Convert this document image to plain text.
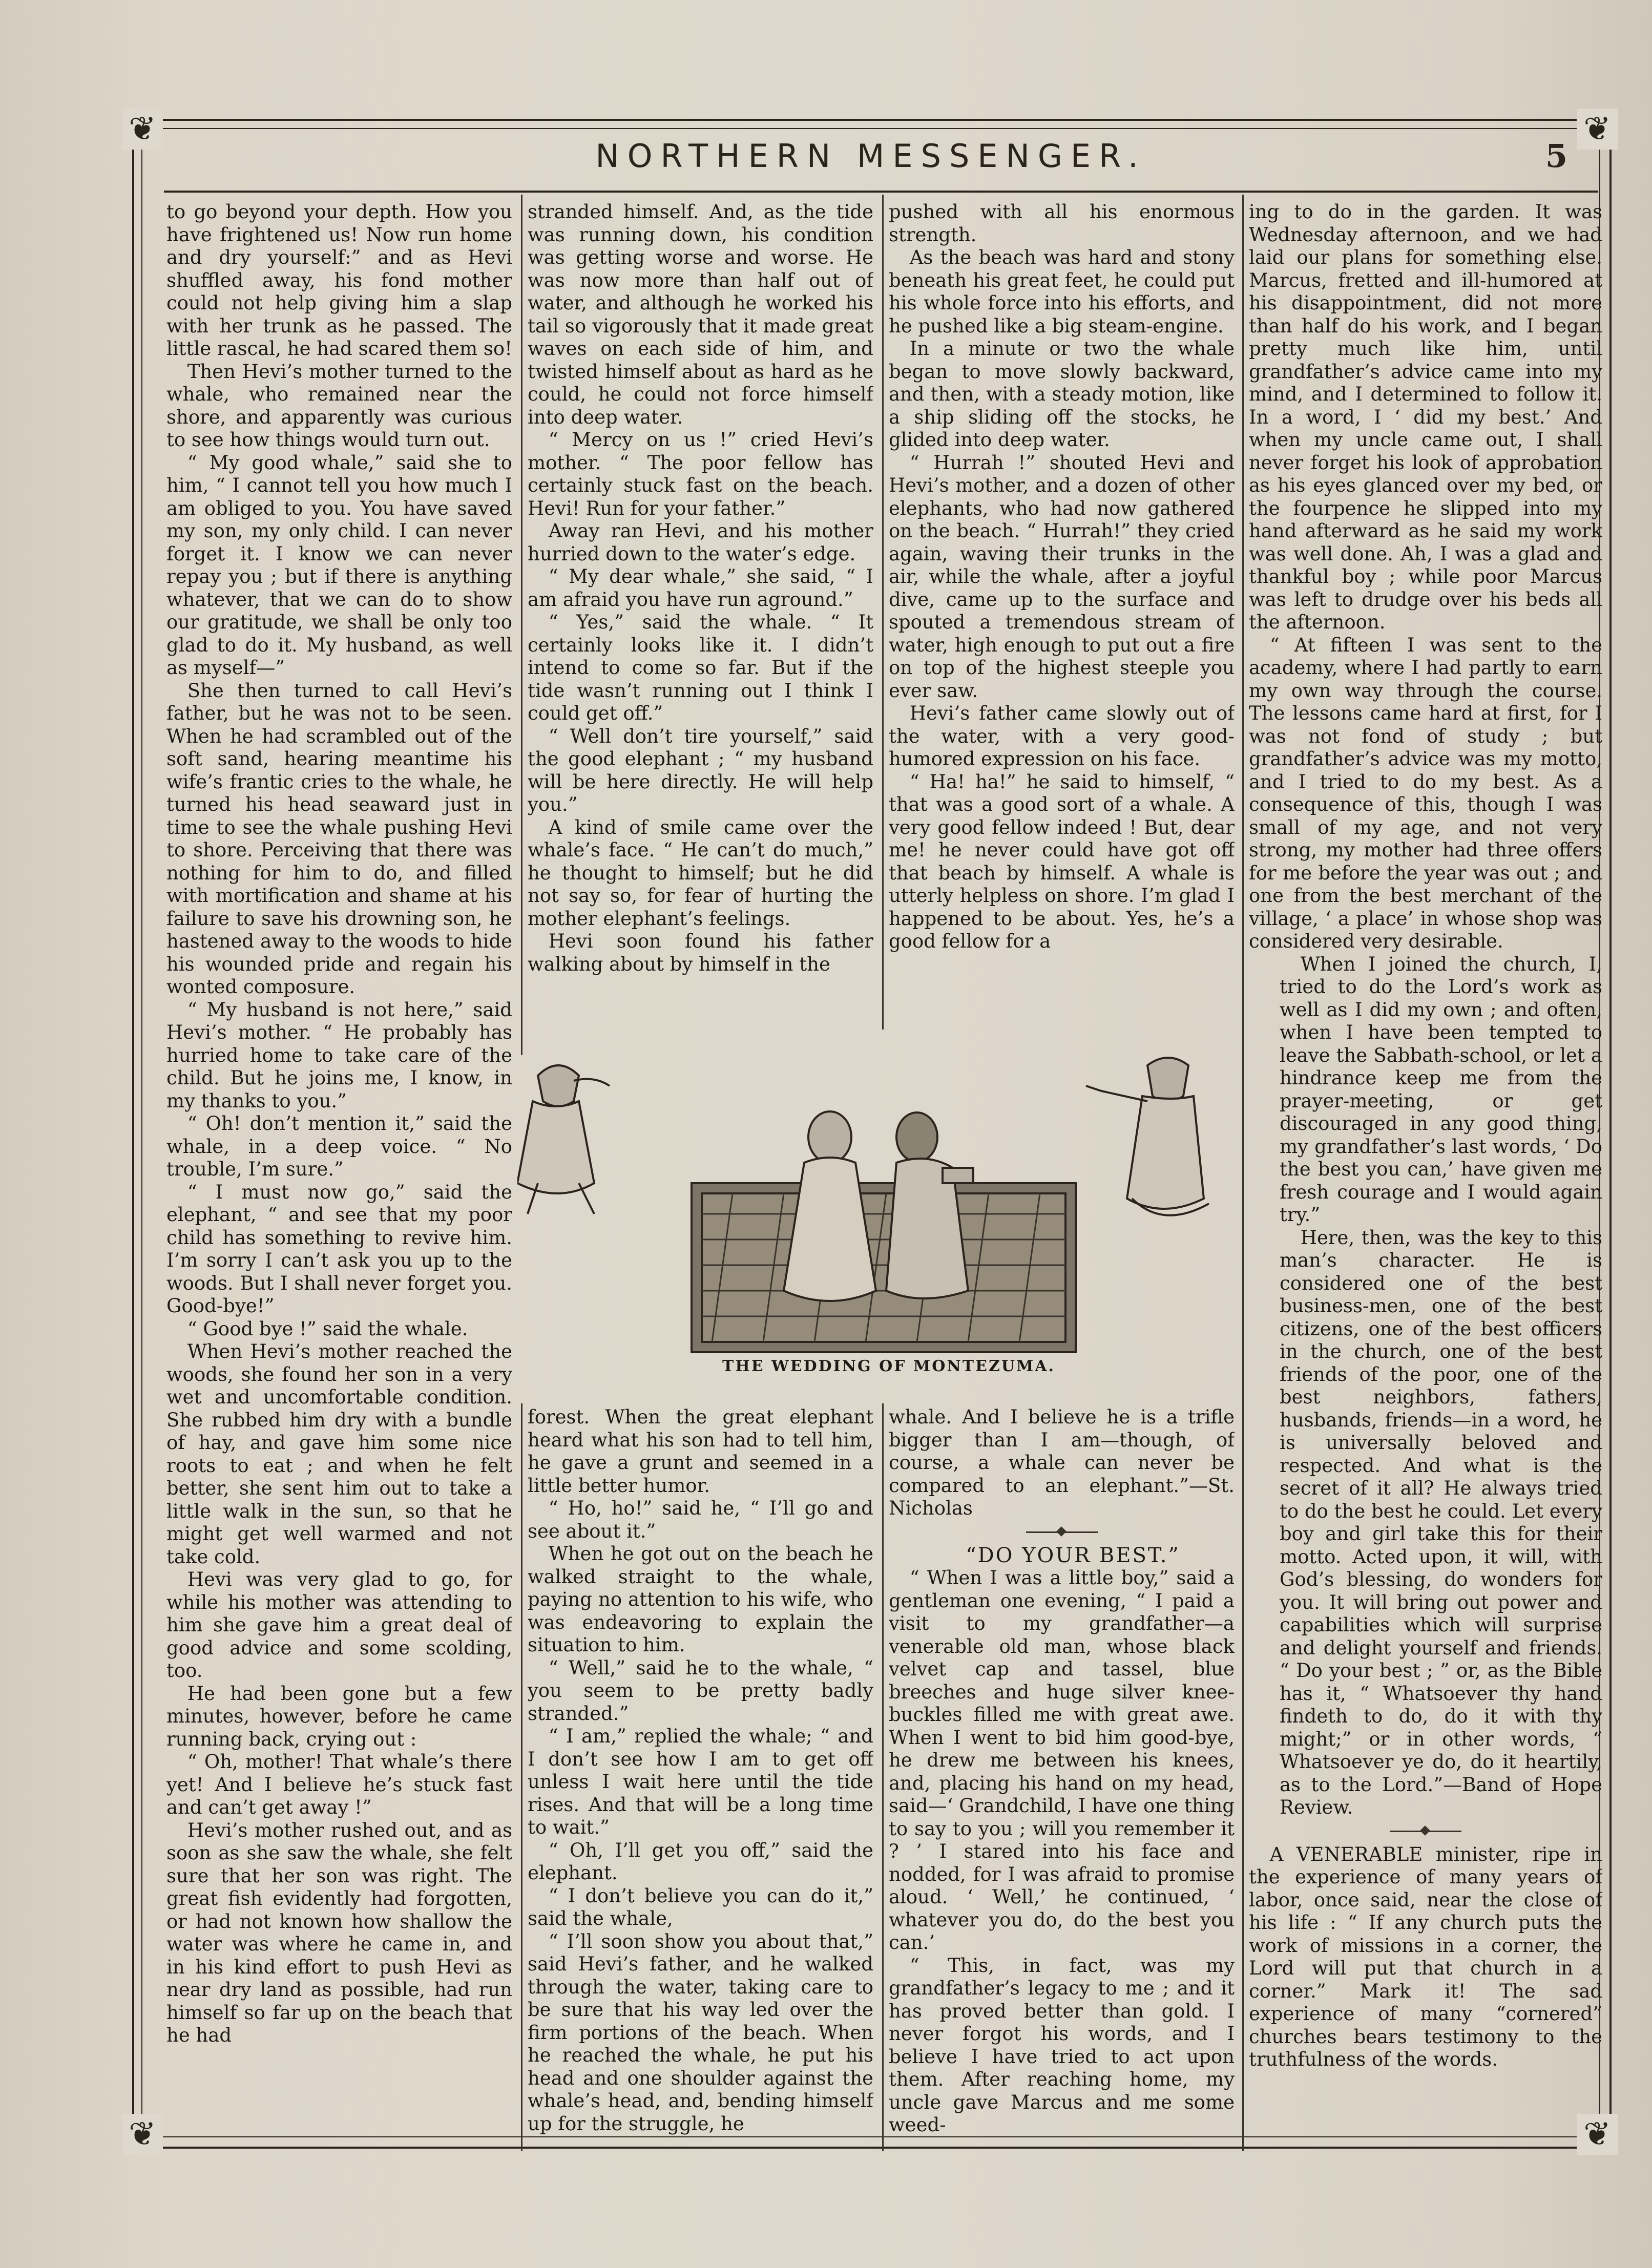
❦	❦
❦	❦
NORTHERN MESSENGER.	5

to go beyond your depth. How you have frightened us! Now run home and dry yourself:” and as Hevi shuffled away, his fond mother could not help giving him a slap with her trunk as he passed. The little rascal, he had scared them so!

Then Hevi’s mother turned to the whale, who remained near the shore, and apparently was curious to see how things would turn out.

“ My good whale,” said she to him, “ I cannot tell you how much I am obliged to you. You have saved my son, my only child. I can never forget it. I know we can never repay you ; but if there is anything whatever, that we can do to show our gratitude, we shall be only too glad to do it. My husband, as well as myself—”

She then turned to call Hevi’s father, but he was not to be seen. When he had scrambled out of the soft sand, hearing meantime his wife’s frantic cries to the whale, he turned his head seaward just in time to see the whale pushing Hevi to shore. Perceiving that there was nothing for him to do, and filled with mortification and shame at his failure to save his drowning son, he hastened away to the woods to hide his wounded pride and regain his wonted composure.

“ My husband is not here,” said Hevi’s mother. “ He probably has hurried home to take care of the child. But he joins me, I know, in my thanks to you.”

“ Oh! don’t mention it,” said the whale, in a deep voice. “ No trouble, I’m sure.”

“ I must now go,” said the elephant, “ and see that my poor child has something to revive him. I’m sorry I can’t ask you up to the woods. But I shall never forget you. Good-bye!”

“ Good bye !” said the whale.

When Hevi’s mother reached the woods, she found her son in a very wet and uncomfortable condition. She rubbed him dry with a bundle of hay, and gave him some nice roots to eat ; and when he felt better, she sent him out to take a little walk in the sun, so that he might get well warmed and not take cold.

Hevi was very glad to go, for while his mother was attending to him she gave him a great deal of good advice and some scolding, too.

He had been gone but a few minutes, however, before he came running back, crying out :

“ Oh, mother! That whale’s there yet! And I believe he’s stuck fast and can’t get away !”

Hevi’s mother rushed out, and as soon as she saw the whale, she felt sure that her son was right. The great fish evidently had forgotten, or had not known how shallow the water was where he came in, and in his kind effort to push Hevi as near dry land as possible, had run himself so far up on the beach that he had

stranded himself. And, as the tide was running down, his condition was getting worse and worse. He was now more than half out of water, and although he worked his tail so vigorously that it made great waves on each side of him, and twisted himself about as hard as he could, he could not force himself into deep water.

“ Mercy on us !” cried Hevi’s mother. “ The poor fellow has certainly stuck fast on the beach. Hevi! Run for your father.”

Away ran Hevi, and his mother hurried down to the water’s edge.

“ My dear whale,” she said, “ I am afraid you have run aground.”

“ Yes,” said the whale. “ It certainly looks like it. I didn’t intend to come so far. But if the tide wasn’t running out I think I could get off.”

“ Well don’t tire yourself,” said the good elephant ; “ my husband will be here directly. He will help you.”

A kind of smile came over the whale’s face. “ He can’t do much,” he thought to himself; but he did not say so, for fear of hurting the mother elephant’s feelings.

Hevi soon found his father walking about by himself in the

pushed with all his enormous strength.

As the beach was hard and stony beneath his great feet, he could put his whole force into his efforts, and he pushed like a big steam-engine.

In a minute or two the whale began to move slowly backward, and then, with a steady motion, like a ship sliding off the stocks, he glided into deep water.

“ Hurrah !” shouted Hevi and Hevi’s mother, and a dozen of other elephants, who had now gathered on the beach. “ Hurrah!” they cried again, waving their trunks in the air, while the whale, after a joyful dive, came up to the surface and spouted a tremendous stream of water, high enough to put out a fire on top of the highest steeple you ever saw.

Hevi’s father came slowly out of the water, with a very good-humored expression on his face.

“ Ha! ha!” he said to himself, “ that was a good sort of a whale. A very good fellow indeed ! But, dear me! he never could have got off that beach by himself. A whale is utterly helpless on shore. I’m glad I happened to be about. Yes, he’s a good fellow for a

ing to do in the garden. It was Wednesday afternoon, and we had laid our plans for something else. Marcus, fretted and ill-humored at his disappointment, did not more than half do his work, and I began pretty much like him, until grandfather’s advice came into my mind, and I determined to follow it. In a word, I ‘ did my best.’ And when my uncle came out, I shall never forget his look of approbation as his eyes glanced over my bed, or the fourpence he slipped into my hand afterward as he said my work was well done. Ah, I was a glad and thankful boy ; while poor Marcus was left to drudge over his beds all the afternoon.

“ At fifteen I was sent to the academy, where I had partly to earn my own way through the course. The lessons came hard at first, for I was not fond of study ; but grandfather’s advice was my motto, and I tried to do my best. As a consequence of this, though I was small of my age, and not very strong, my mother had three offers for me before the year was out ; and one from the best merchant of the village, ‘ a place’ in whose shop was considered very desirable.

When I joined the church, I, tried to do the Lord’s work as well as I did my own ; and often, when I have been tempted to leave the Sabbath-school, or let a hindrance keep me from the prayer-meeting, or get discouraged in any good thing, my grandfather’s last words, ‘ Do the best you can,’ have given me fresh courage and I would again try.”

Here, then, was the key to this man’s character. He is considered one of the best business-men, one of the best citizens, one of the best officers in the church, one of the best friends of the poor, one of the best neighbors, fathers, husbands, friends—in a word, he is universally beloved and respected. And what is the secret of it all? He always tried to do the best he could. Let every boy and girl take this for their motto. Acted upon, it will, with God’s blessing, do wonders for you. It will bring out power and capabilities which will surprise and delight yourself and friends. “ Do your best ; ” or, as the Bible has it, “ Whatsoever thy hand findeth to do, do it with thy might;” or in other words, “ Whatsoever ye do, do it heartily, as to the Lord.”—Band of Hope Review.

A VENERABLE minister, ripe in the experience of many years of labor, once said, near the close of his life : “ If any church puts the work of missions in a corner, the Lord will put that church in a corner.” Mark it! The sad experience of many “cornered” churches bears testimony to the truthfulness of the words.

THE WEDDING OF MONTEZUMA.

forest. When the great elephant heard what his son had to tell him, he gave a grunt and seemed in a little better humor.

“ Ho, ho!” said he, “ I’ll go and see about it.”

When he got out on the beach he walked straight to the whale, paying no attention to his wife, who was endeavoring to explain the situation to him.

“ Well,” said he to the whale, “ you seem to be pretty badly stranded.”

“ I am,” replied the whale; “ and I don’t see how I am to get off unless I wait here until the tide rises. And that will be a long time to wait.”

“ Oh, I’ll get you off,” said the elephant.

“ I don’t believe you can do it,” said the whale,

“ I’ll soon show you about that,” said Hevi’s father, and he walked through the water, taking care to be sure that his way led over the firm portions of the beach. When he reached the whale, he put his head and one shoulder against the whale’s head, and, bending himself up for the struggle, he

whale. And I believe he is a trifle bigger than I am—though, of course, a whale can never be compared to an elephant.”—St. Nicholas

“DO YOUR BEST.”

“ When I was a little boy,” said a gentleman one evening, “ I paid a visit to my grandfather—a venerable old man, whose black velvet cap and tassel, blue breeches and huge silver knee-buckles filled me with great awe. When I went to bid him good-bye, he drew me between his knees, and, placing his hand on my head, said—‘ Grandchild, I have one thing to say to you ; will you remember it ? ’ I stared into his face and nodded, for I was afraid to promise aloud. ‘ Well,’ he continued, ‘ whatever you do, do the best you can.’

“ This, in fact, was my grandfather’s legacy to me ; and it has proved better than gold. I never forgot his words, and I believe I have tried to act upon them. After reaching home, my uncle gave Marcus and me some weed-
